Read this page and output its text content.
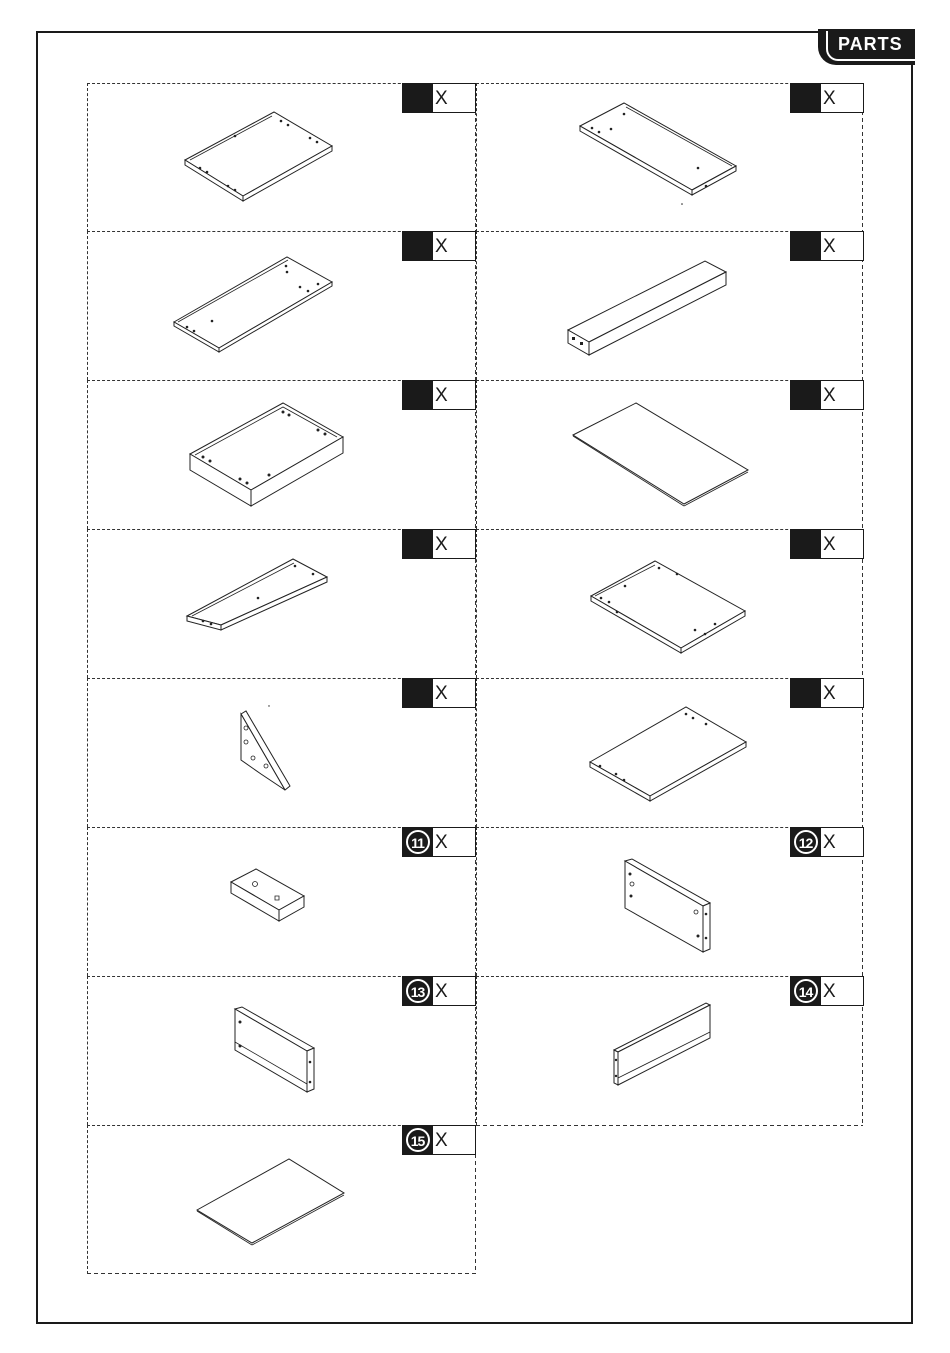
PARTS
X	X
X	X
X	X
X	X
X	X
11 X	12 X
13 X	14 X
15 X
